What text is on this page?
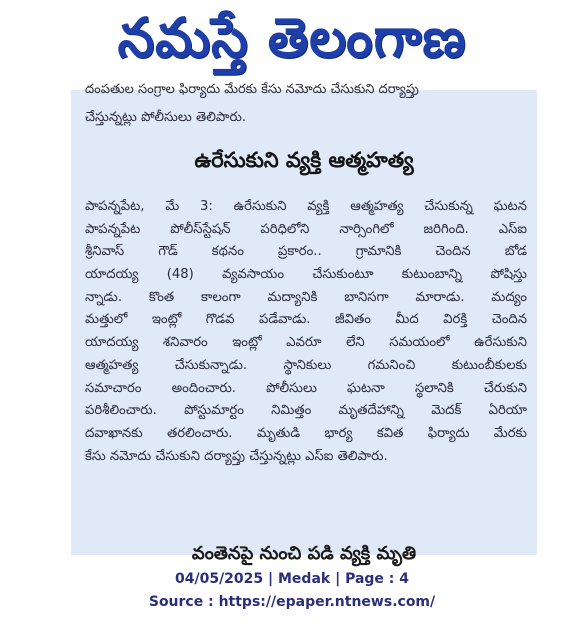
నమస్తే తెలంగాణ
దంపతుల సంగ్రాల ఫిర్యాదు మేరకు కేసు నమోదు చేసుకుని దర్యాప్తు
చేస్తున్నట్లు పోలీసులు తెలిపారు.
ఉరేసుకుని వ్యక్తి ఆత్మహత్య
పాపన్నపేట, మే 3: ఉరేసుకుని వ్యక్తి ఆత్మహత్య చేసుకున్న ఘటన
పాపన్నపేట పోలీస్‌స్టేషన్ పరిధిలోని నార్సింగిలో జరిగింది. ఎస్ఐ
శ్రీనివాస్ గౌడ్ కథనం ప్రకారం.. గ్రామానికి చెందిన బోడ
యాదయ్య (48) వ్యవసాయం చేసుకుంటూ కుటుంబాన్ని పోషిస్తు
న్నాడు. కొంత కాలంగా మద్యానికి బానిసగా మారాడు. మద్యం
మత్తులో ఇంట్లో గొడవ పడేవాడు. జీవితం మీద విరక్తి చెందిన
యాదయ్య శనివారం ఇంట్లో ఎవరూ లేని సమయంలో ఉరేసుకుని
ఆత్మహత్య చేసుకున్నాడు. స్థానికులు గమనించి కుటుంబీకులకు
సమాచారం అందించారు. పోలీసులు ఘటనా స్థలానికి చేరుకుని
పరిశీలించారు. పోస్టుమార్టం నిమిత్తం మృతదేహాన్ని మెదక్ ఏరియా
దవాఖానకు తరలించారు. మృతుడి భార్య కవిత ఫిర్యాదు మేరకు
కేసు నమోదు చేసుకుని దర్యాప్తు చేస్తున్నట్లు ఎస్ఐ తెలిపారు.
వంతెనపై నుంచి పడి వ్యక్తి మృతి
04/05/2025 | Medak | Page : 4
Source : https://epaper.ntnews.com/
